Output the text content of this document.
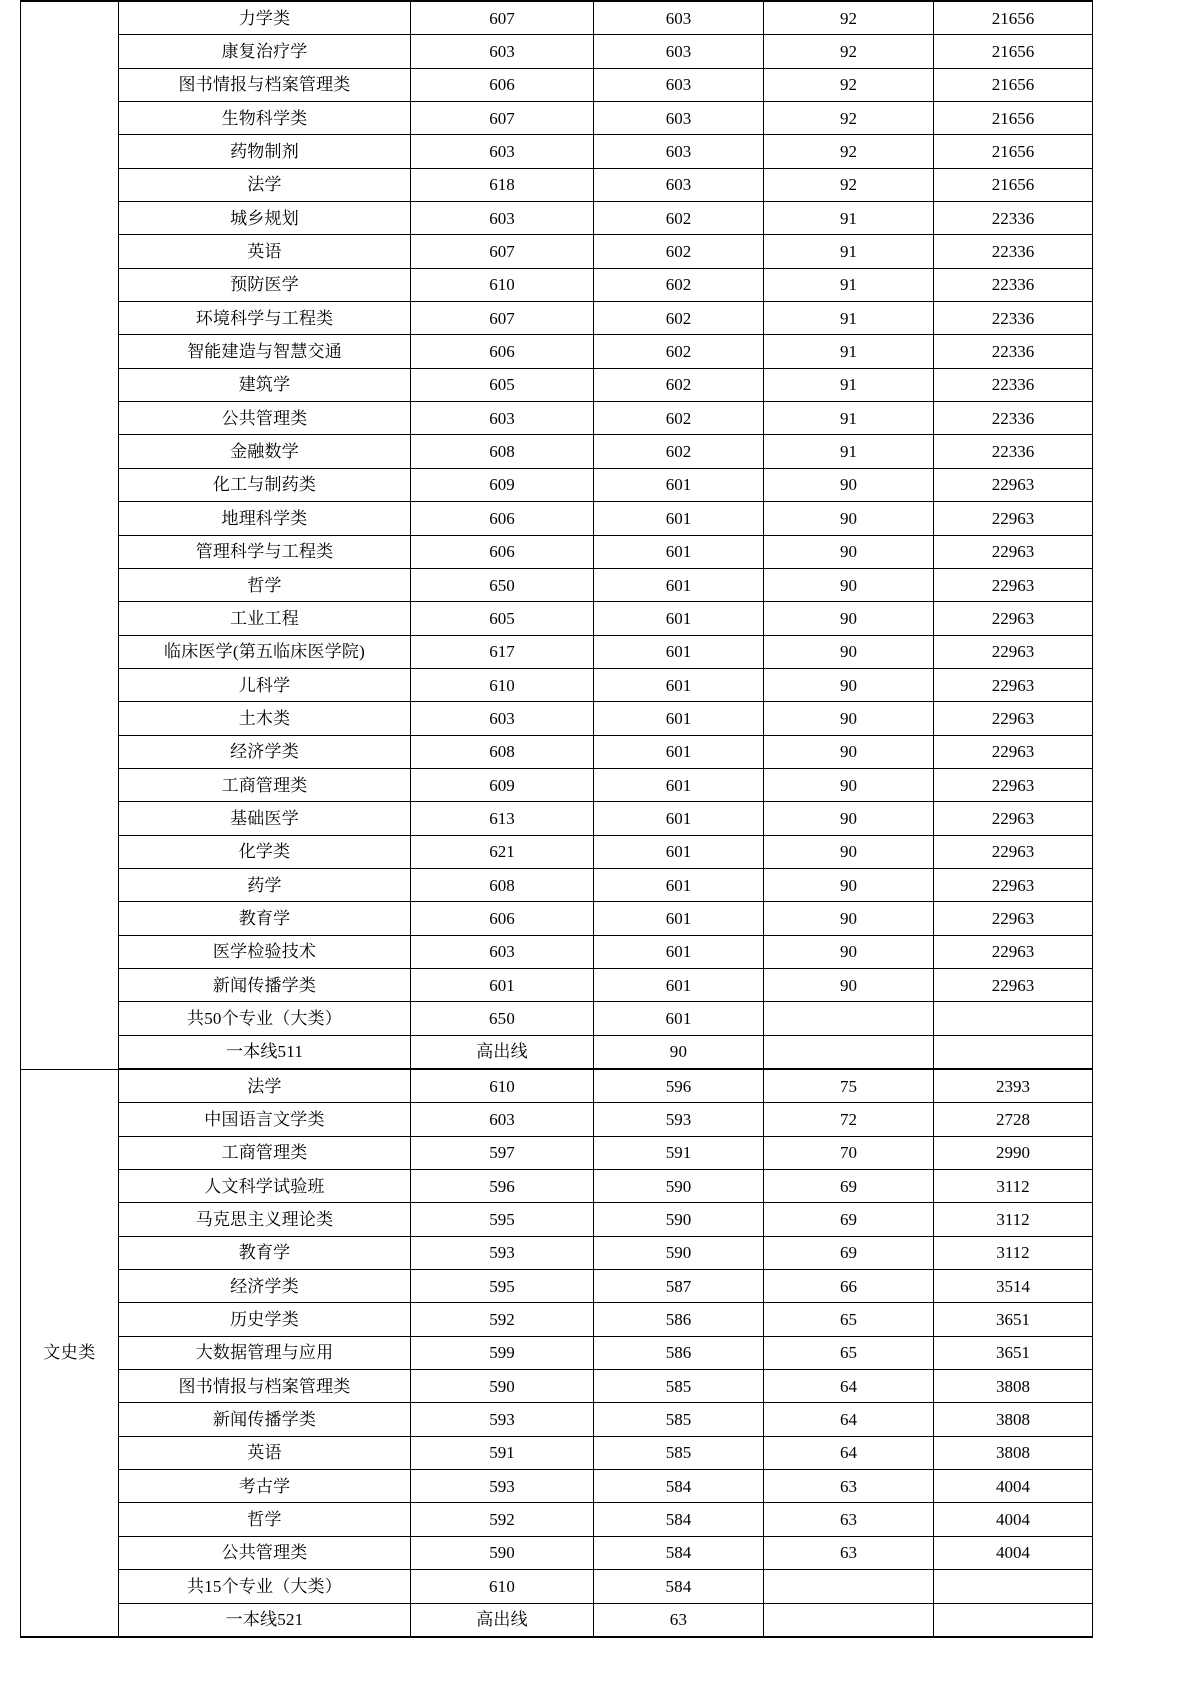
	力学类	607	603	92	21656
	康复治疗学	603	603	92	21656
	图书情报与档案管理类	606	603	92	21656
	生物科学类	607	603	92	21656
	药物制剂	603	603	92	21656
	法学	618	603	92	21656
	城乡规划	603	602	91	22336
	英语	607	602	91	22336
	预防医学	610	602	91	22336
	环境科学与工程类	607	602	91	22336
	智能建造与智慧交通	606	602	91	22336
	建筑学	605	602	91	22336
	公共管理类	603	602	91	22336
	金融数学	608	602	91	22336
	化工与制药类	609	601	90	22963
	地理科学类	606	601	90	22963
	管理科学与工程类	606	601	90	22963
	哲学	650	601	90	22963
	工业工程	605	601	90	22963
	临床医学(第五临床医学院)	617	601	90	22963
	儿科学	610	601	90	22963
	土木类	603	601	90	22963
	经济学类	608	601	90	22963
	工商管理类	609	601	90	22963
	基础医学	613	601	90	22963
	化学类	621	601	90	22963
	药学	608	601	90	22963
	教育学	606	601	90	22963
	医学检验技术	603	601	90	22963
	新闻传播学类	601	601	90	22963
	共50个专业（大类）	650	601		
	一本线511	高出线	90		
文史类	法学	610	596	75	2393
	中国语言文学类	603	593	72	2728
	工商管理类	597	591	70	2990
	人文科学试验班	596	590	69	3112
	马克思主义理论类	595	590	69	3112
	教育学	593	590	69	3112
	经济学类	595	587	66	3514
	历史学类	592	586	65	3651
	大数据管理与应用	599	586	65	3651
	图书情报与档案管理类	590	585	64	3808
	新闻传播学类	593	585	64	3808
	英语	591	585	64	3808
	考古学	593	584	63	4004
	哲学	592	584	63	4004
	公共管理类	590	584	63	4004
	共15个专业（大类）	610	584		
	一本线521	高出线	63		
